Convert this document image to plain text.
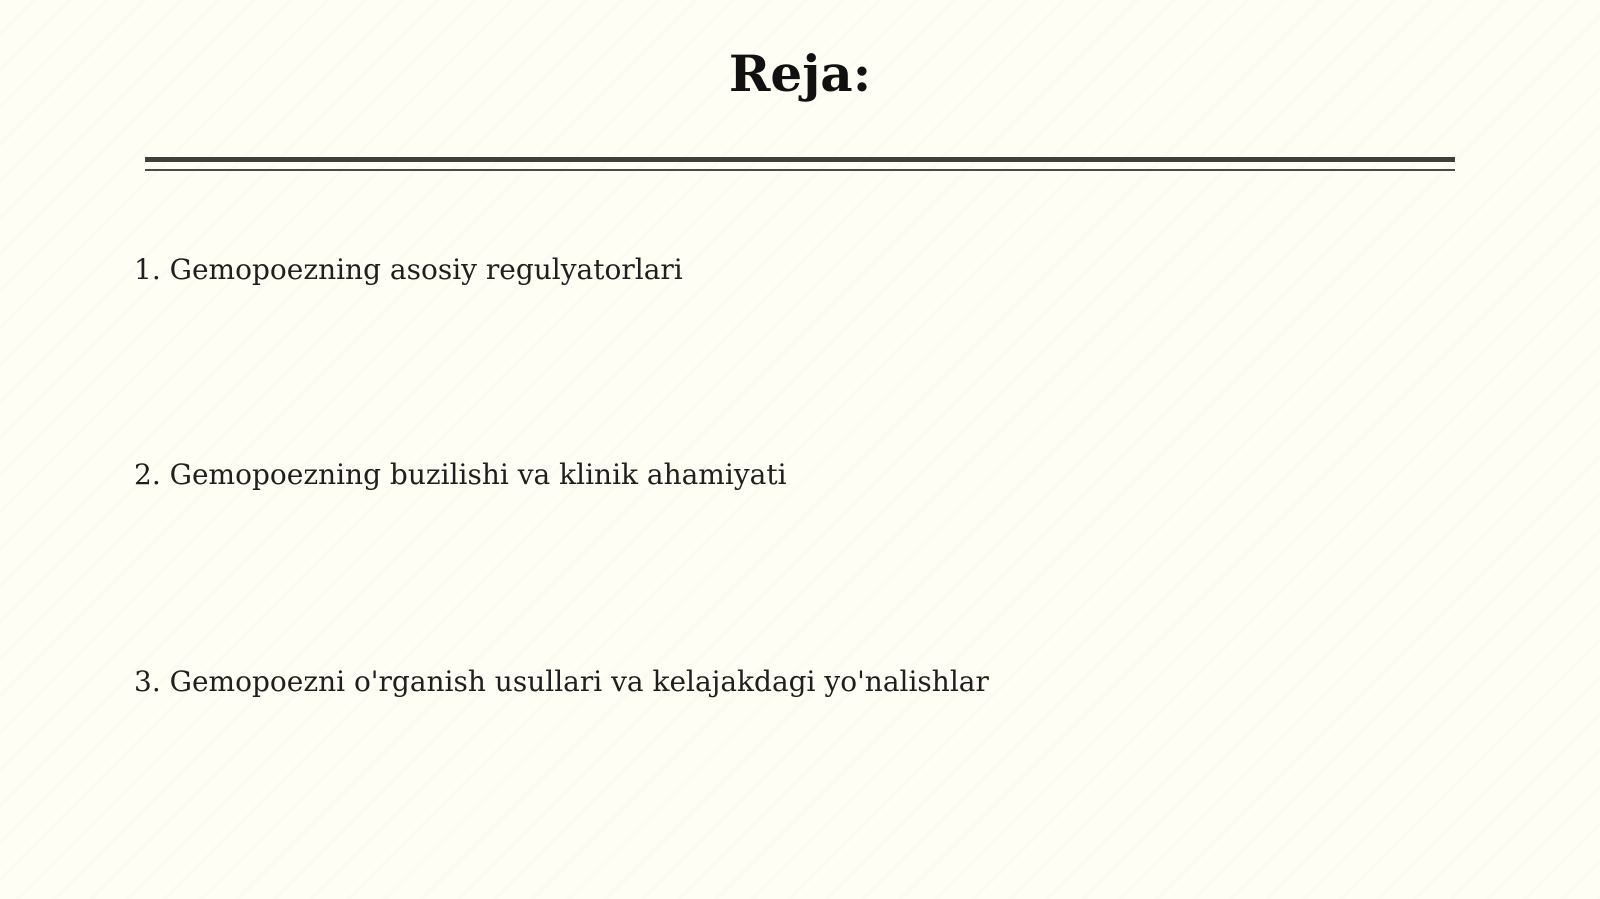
Reja:
1. Gemopoezning asosiy regulyatorlari
2. Gemopoezning buzilishi va klinik ahamiyati
3. Gemopoezni o'rganish usullari va kelajakdagi yo'nalishlar
